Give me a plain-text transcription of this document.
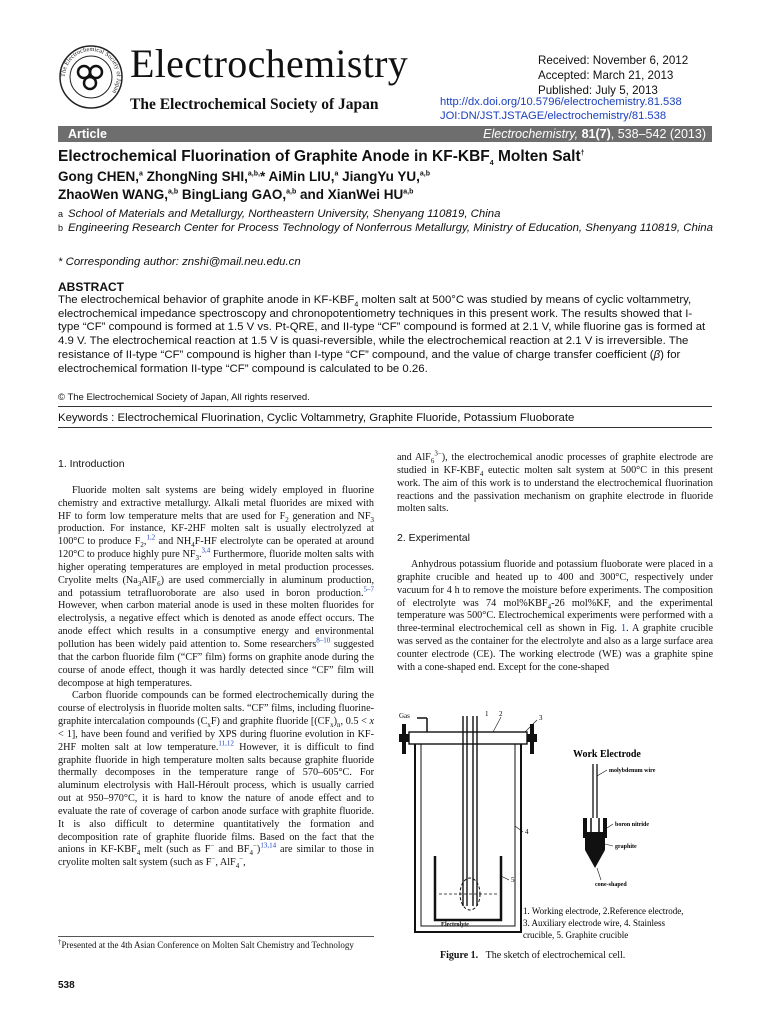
The Electrochemical Society of Japan
Electrochemistry
The Electrochemical Society of Japan
Received: November 6, 2012
Accepted: March 21, 2013
Published: July 5, 2013
http://dx.doi.org/10.5796/electrochemistry.81.538
JOI:DN/JST.JSTAGE/electrochemistry/81.538
Article	Electrochemistry, 81(7), 538–542 (2013)
Electrochemical Fluorination of Graphite Anode in $KF-KBF_4$ Molten Salt†
Gong CHEN,$^a$ ZhongNing SHI,$^{a,b,}$* AiMin LIU,$^a$ JiangYu YU,$^{a,b}$
ZhaoWen WANG,$^{a,b}$ BingLiang GAO,$^{a,b}$ and XianWei HU$^{a,b}$
a School of Materials and Metallurgy, Northeastern University, Shenyang 110819, China
b Engineering Research Center for Process Technology of Nonferrous Metallurgy, Ministry of Education, Shenyang 110819, China
* Corresponding author: znshi@mail.neu.edu.cn
ABSTRACT
The electrochemical behavior of graphite anode in $KF-KBF_4$ molten salt at 500°C was studied by means of cyclic voltammetry, electrochemical impedance spectroscopy and chronopotentiometry techniques in this present work. The results showed that I-type “CF” compound is formed at 1.5 V vs. Pt-QRE, and II-type “CF” compound is formed at 2.1 V, while fluorine gas is formed at 4.9 V. The electrochemical reaction at 1.5 V is quasi-reversible, while the electrochemical reaction at 2.1 V is irreversible. The resistance of II-type “CF” compound is higher than I-type “CF” compound, and the value of charge transfer coefficient (β) for electrochemical formation II-type “CF” compound is calculated to be 0.26.
© The Electrochemical Society of Japan, All rights reserved.
Keywords : Electrochemical Fluorination, Cyclic Voltammetry, Graphite Fluoride, Potassium Fluoborate
1. Introduction

Fluoride molten salt systems are being widely employed in fluorine chemistry and extractive metallurgy. Alkali metal fluorides are mixed with HF to form low temperature melts that are used for $F_2$ generation and $NF_3$ production. For instance, KF-2HF molten salt is usually electrolyzed at 100°C to produce $F_2,^{1,2}$ and $NH_4F-HF$ electrolyte can be operated at around 120°C to produce highly pure $NF_3.^{3,4}$ Furthermore, fluoride molten salts with higher operating temperatures are employed in metal production processes. Cryolite melts $(Na_3AlF_6)$ are used commercially in aluminum production, and potassium tetrafluoroborate are also used in boron production.$^{5-7}$ However, when carbon material anode is used in these molten fluorides for electrolysis, a negative effect which is denoted as anode effect occurs. The anode effect which results in a consumptive energy and environmental pollution has been widely paid attention to. Some researchers$^{8-10}$ suggested that the carbon fluoride film (“CF” film) forms on graphite anode during the course of anode effect, though it was hardly detected since “CF” film will decompose at high temperatures.

Carbon fluoride compounds can be formed electrochemically during the course of electrolysis in fluoride molten salts. “CF” films, including fluorine-graphite intercalation compounds $(C_xF)$ and graphite fluoride [$(CF_x)_n$, 0.5 < x < 1], have been found and verified by XPS during fluorine evolution in KF-2HF molten salt at low temperature.$^{11,12}$ However, it is difficult to find graphite fluoride in high temperature molten salts because graphite fluoride thermally decomposes in the temperature range of 570–605°C. For aluminum electrolysis with Hall-Héroult process, which is usually carried out at 950–970°C, it is hard to know the nature of anode effect and to evaluate the rate of coverage of carbon anode surface with graphite fluoride. It is also difficult to determine quantitatively the formation and decomposition rate of graphite fluoride films. Based on the fact that the anions in $KF-KBF_4$ melt (such as F− and $BF_4^-)^{13,14}$ are similar to those in cryolite molten salt system (such as F−, AlF$_4$−,

†Presented at the 4th Asian Conference on Molten Salt Chemistry and Technology
538

and AlF$_6^{3-}$), the electrochemical anodic processes of graphite electrode are studied in $KF-KBF_4$ eutectic molten salt system at 500°C in this present work. The aim of this work is to understand the electrochemical fluorination reactions and the passivation mechanism on graphite electrode in fluoride molten salts.

2. Experimental

Anhydrous potassium fluoride and potassium fluoborate were placed in a graphite crucible and heated up to 400 and 300°C, respectively under vacuum for 4 h to remove the moisture before experiments. The composition of electrolyte was 74 $mol\%KBF_4-26$ mol%KF, and the experimental temperature was 500°C. Electrochemical experiments were performed with a three-terminal electrochemical cell as shown in Fig. 1. A graphite crucible was served as the container for the electrolyte and also as a large surface area counter electrode (CE). The working electrode (WE) was a graphite spine with a cone-shaped end. Except for the cone-shaped

Gas	1 2	3
4
5
Electrolyte
Work Electrode
molybdenum wire
boron nitride
graphite
cone-shaped
1. Working electrode, 2.Reference electrode,
3. Auxiliary electrode wire, 4. Stainless
crucible, 5. Graphite crucible
Figure 1. The sketch of electrochemical cell.
